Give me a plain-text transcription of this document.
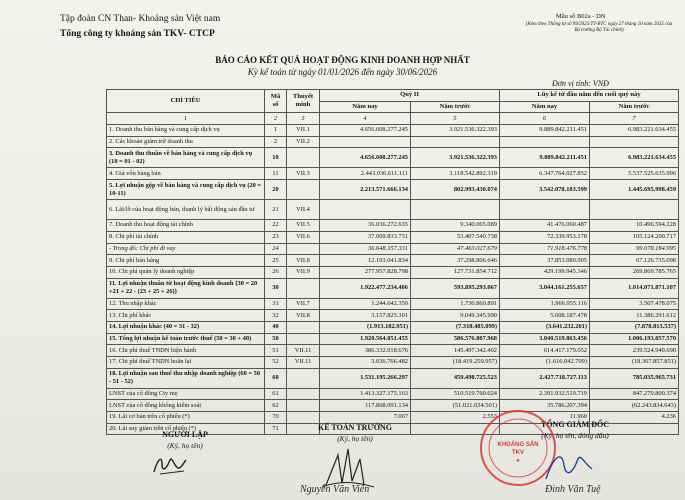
Tập đoàn CN Than- Khoáng sản Việt nam
Tổng công ty khoáng sản TKV- CTCP
Mẫu số B02a - DN
(Kèm theo Thông tư số 99/2025/TT-BTC ngày 27 tháng 10 năm 2025 của Bộ trưởng Bộ Tài chính)
BÁO CÁO KẾT QUẢ HOẠT ĐỘNG KINH DOANH HỢP NHẤT
Kỳ kế toán từ ngày 01/01/2026 đến ngày 30/06/2026
Đơn vị tính: VNĐ
CHỈ TIÊU	Mã số	Thuyết minh	Quý II		Lũy kế từ đầu năm đến cuối quý này	
			Năm nay	Năm trước	Năm nay	Năm trước
1	2	3	4	5	6	7
1. Doanh thu bán hàng và cung cấp dịch vụ	1	VII.1	4.656.608.277.245	3.921.536.322.393	9.889.842.211.451	6.983.221.634.455
2. Các khoản giảm trừ doanh thu	2	VII.2				
3. Doanh thu thuần về bán hàng và cung cấp dịch vụ (10 = 01 - 02)	10		4.656.608.277.245	3.921.536.322.393	9.889.842.211.451	6.983.221.634.455
4. Giá vốn hàng bán	11	VII.3	2.443.036.611.111	3.118.542.892.319	6.347.764.027.852	5.537.525.635.996
5. Lợi nhuận gộp về bán hàng và cung cấp dịch vụ (20 = 10-11)	20		2.213.571.666.134	802.993.430.074	3.542.078.183.599	1.445.695.998.459
6. Lãi/lỗ của hoạt động bán, thanh lý bất động sản đầu tư	21	VII.4				
7. Doanh thu hoạt động tài chính	22	VII.5	36.036.272.635	9.340.065.089	41.476.060.487	10.496.594.228
8. Chi phí tài chính	23	VII.6	37.069.833.731	53.407.540.738	72.339.953.178	105.124.200.717
- Trong đó: Chi phí đi vay	24		36.648.357.331	47.463.027.679	71.918.476.778	99.078.184.995
9. Chi phí bán hàng	25	VII.8	12.103.041.834	37.298.806.646	37.853.089.905	67.126.735.098
10. Chi phí quản lý doanh nghiệp	26	VII.9	277.957.828.798	127.731.854.712	429.199.945.346	269.869.785.765
11. Lợi nhuận thuần từ hoạt động kinh doanh {30 = 20 +21 + 22 - (23 + 25 + 26)}	30		1.922.477.234.406	593.895.293.067	3.044.161.255.657	1.014.071.871.107
12. Thu nhập khác	31	VII.7	1.244.642.350	1.730.860.891	1.966.955.116	3.507.478.075
13. Chi phí khác	32	VII.8	3.157.825.301	9.049.345.990	5.608.187.478	11.386.291.612
14. Lợi nhuận khác (40 = 31 - 32)	40		(1.913.182.951)	(7.318.485.099)	(3.641.232.201)	(7.878.813.537)
15. Tổng lợi nhuận kế toán trước thuế (50 = 30 + 40)	50		1.920.564.051.455	586.576.807.968	3.040.519.863.456	1.006.193.057.570
16. Chi phí thuế TNDN hiện hành	51	VII.11	386.332.018.676	145.497.342.402	614.417.179.052	239.524.949.690
17. Chi phí thuế TNDN hoãn lại	52	VII.11	3.036.766.482	(18.419.259.957)	(1.616.042.709)	(18.367.857.851)
18. Lợi nhuận sau thuế thu nhập doanh nghiệp (60 = 50 - 51 - 52)	60		1.531.195.266.297	459.498.725.523	2.427.718.727.113	785.035.965.731
LNST của cổ đông Cty mẹ	61		1.413.327.175.163	510.519.760.024	2.391.932.519.719	847.279.800.374
LNST của cổ đông không kiểm soát	62		117.868.091.134	(51.021.034.501)	35.786.207.394	(62.243.834.643)
19. Lãi cơ bản trên cổ phiếu (*)	70		7.067	2.553	11.960	4.236
20. Lãi suy giảm trên cổ phiếu (*)	71					
NGƯỜI LẬP
(Ký, họ tên)
KẾ TOÁN TRƯỞNG
(Ký, họ tên)
Nguyễn Văn Viên
TỔNG GIÁM ĐỐC
(Ký, họ tên, đóng dấu)
KHOÁNG SẢN
TKV
★
Đinh Văn Tuệ
